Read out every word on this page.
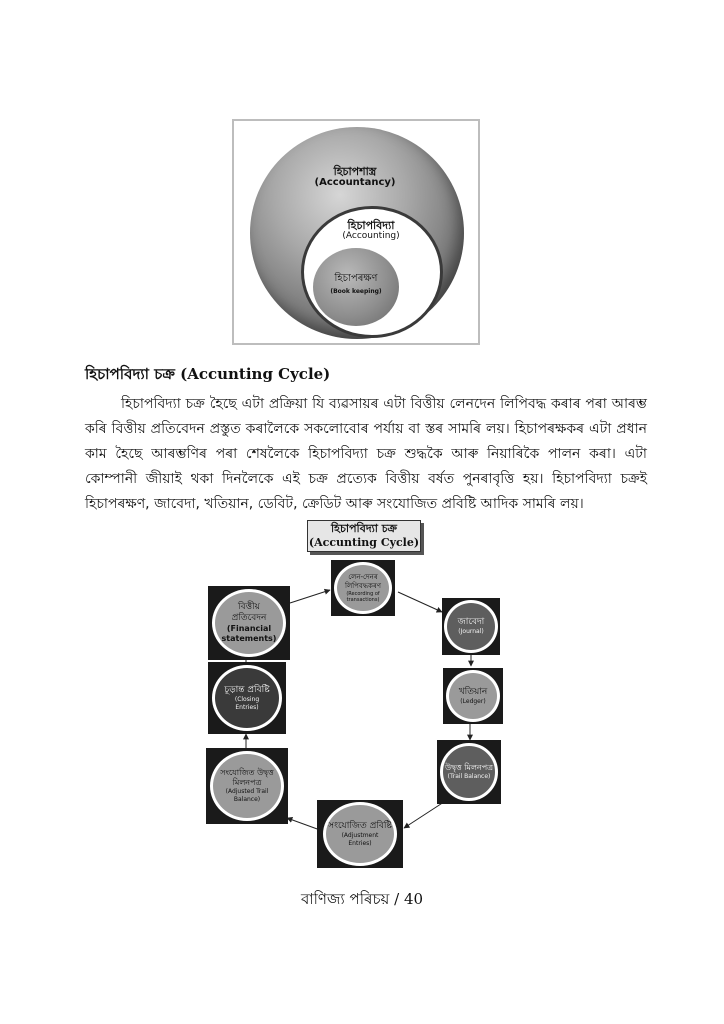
হিচাপশাস্ত্র
(Accountancy)
হিচাপবিদ্যা
(Accounting)
হিচাপৰক্ষণ
(Book keeping)
হিচাপবিদ্যা চক্ৰ (Accunting Cycle)
হিচাপবিদ্যা চক্ৰ হৈছে এটা প্ৰক্ৰিয়া যি ব্যৱসায়ৰ এটা বিত্তীয় লেনদেন লিপিবদ্ধ কৰাৰ পৰা আৰম্ভ কৰি বিত্তীয় প্ৰতিবেদন প্ৰস্তুত কৰালৈকে সকলোবোৰ পৰ্যায় বা স্তৰ সামৰি লয়। হিচাপৰক্ষকৰ এটা প্ৰধান কাম হৈছে আৰম্ভণিৰ পৰা শেষলৈকে হিচাপবিদ্যা চক্ৰ শুদ্ধকৈ আৰু নিয়াৰিকৈ পালন কৰা। এটা কোম্পানী জীয়াই থকা দিনলৈকে এই চক্ৰ প্ৰত্যেক বিত্তীয় বৰ্ষত পুনৰাবৃত্তি হয়। হিচাপবিদ্যা চক্ৰই হিচাপৰক্ষণ, জাবেদা, খতিয়ান, ডেবিট, ক্ৰেডিট আৰু সংযোজিত প্ৰবিষ্টি আদিক সামৰি লয়।
হিচাপবিদ্যা চক্ৰ
(Accunting Cycle)
লেন-দেনৰ লিপিবদ্ধকৰণ
(Recording of transactions)
জাবেদা
(Journal)
খতিয়ান
(Ledger)
উদ্বৃত্ত মিলনপত্ৰ
(Trail Balance)
সংযোজিত প্ৰবিষ্টি
(Adjustment Entries)
সংযোজিত উদ্বৃত্ত মিলনপত্ৰ
(Adjusted Trail Balance)
চূড়ান্ত প্ৰবিষ্টি
(Closing Entries)
বিত্তীয় প্ৰতিবেদন
(Financial statements)
বাণিজ্য পৰিচয় / 40
